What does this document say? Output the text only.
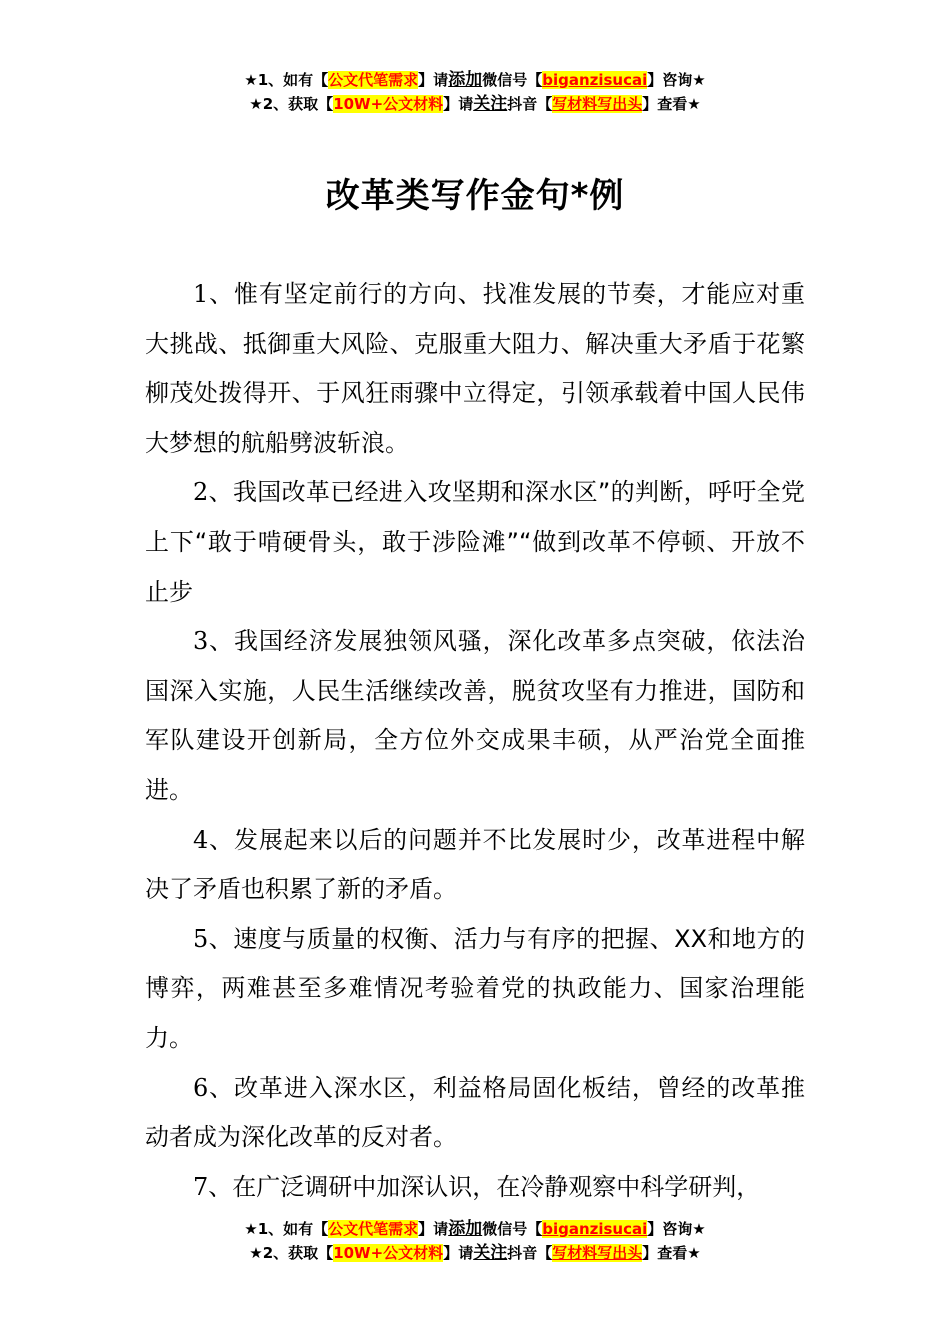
★1、如有【公文代笔需求】请添加微信号【biganzisucai】咨询★
★2、获取【10W+公文材料】请关注抖音【写材料写出头】查看★
改革类写作金句*例

1、惟有坚定前行的方向、找准发展的节奏，才能应对重大挑战、抵御重大风险、克服重大阻力、解决重大矛盾于花繁柳茂处拨得开、于风狂雨骤中立得定，引领承载着中国人民伟大梦想的航船劈波斩浪。

2、我国改革已经进入攻坚期和深水区”的判断，呼吁全党上下“敢于啃硬骨头，敢于涉险滩”“做到改革不停顿、开放不止步

3、我国经济发展独领风骚，深化改革多点突破，依法治国深入实施，人民生活继续改善，脱贫攻坚有力推进，国防和军队建设开创新局，全方位外交成果丰硕，从严治党全面推进。

4、发展起来以后的问题并不比发展时少，改革进程中解决了矛盾也积累了新的矛盾。

5、速度与质量的权衡、活力与有序的把握、XX和地方的博弈，两难甚至多难情况考验着党的执政能力、国家治理能力。

6、改革进入深水区，利益格局固化板结，曾经的改革推动者成为深化改革的反对者。

7、在广泛调研中加深认识，在冷静观察中科学研判，

★1、如有【公文代笔需求】请添加微信号【biganzisucai】咨询★
★2、获取【10W+公文材料】请关注抖音【写材料写出头】查看★
